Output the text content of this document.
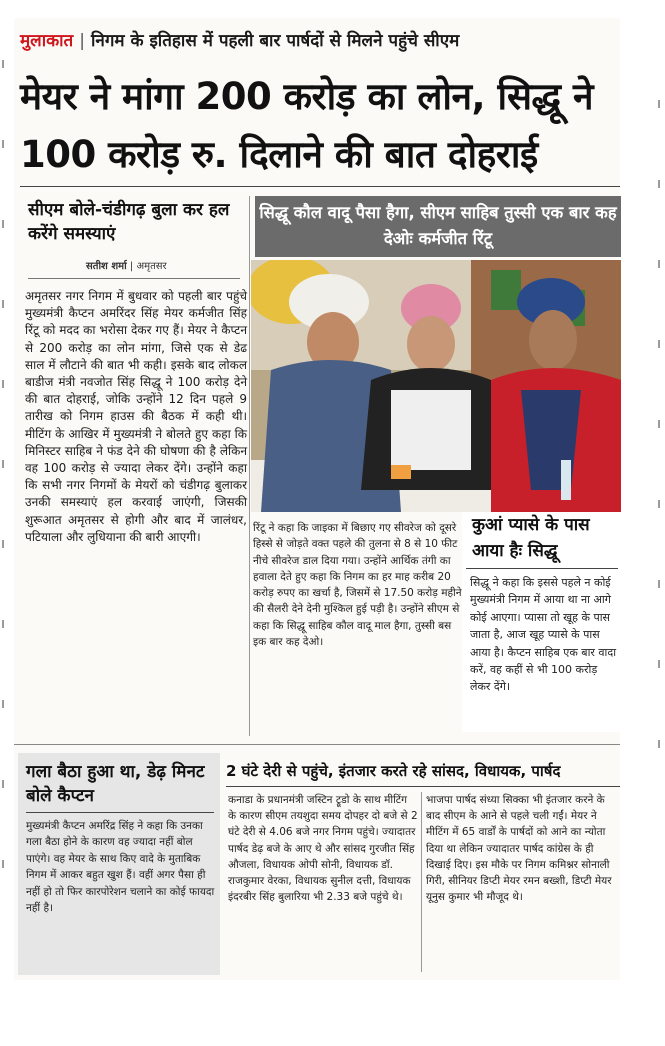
मुलाकात | निगम के इतिहास में पहली बार पार्षदों से मिलने पहुंचे सीएम
मेयर ने मांगा 200 करोड़ का लोन, सिद्धू ने 100 करोड़ रु. दिलाने की बात दोहराई
सीएम बोले-चंडीगढ़ बुला कर हल करेंगे समस्याएं
सतीश शर्मा | अमृतसर
अमृतसर नगर निगम में बुधवार को पहली बार पहुंचे मुख्यमंत्री कैप्टन अमरिंदर सिंह मेयर कर्मजीत सिंह रिंटू को मदद का भरोसा देकर गए हैं। मेयर ने कैप्टन से 200 करोड़ का लोन मांगा, जिसे एक से डेढ साल में लौटाने की बात भी कही। इसके बाद लोकल बाडीज मंत्री नवजोत सिंह सिद्धू ने 100 करोड़ देने की बात दोहराई, जोकि उन्होंने 12 दिन पहले 9 तारीख को निगम हाउस की बैठक में कही थी। मीटिंग के आखिर में मुख्यमंत्री ने बोलते हुए कहा कि मिनिस्टर साहिब ने फंड देने की घोषणा की है लेकिन वह 100 करोड़ से ज्यादा लेकर देंगे। उन्होंने कहा कि सभी नगर निगमों के मेयरों को चंडीगढ़ बुलाकर उनकी समस्याएं हल करवाई जाएंगी, जिसकी शुरूआत अमृतसर से होगी और बाद में जालंधर, पटियाला और लुधियाना की बारी आएगी।
सिद्धू कौल वादू पैसा हैगा, सीएम साहिब तुस्सी एक बार कह देओः कर्मजीत रिंटू
रिंटू ने कहा कि जाइका में बिछाए गए सीवरेज को दूसरे हिस्से से जोड़ते वक्त पहले की तुलना से 8 से 10 फीट नीचे सीवरेज डाल दिया गया। उन्होंने आर्थिक तंगी का हवाला देते हुए कहा कि निगम का हर माह करीब 20 करोड़ रुपए का खर्चा है, जिसमें से 17.50 करोड़ महीने की सैलरी देने देनी मुश्किल हुई पड़ी है। उन्होंने सीएम से कहा कि सिद्धू साहिब कौल वादू माल हैगा, तुस्सी बस इक बार कह देओ।
कुआं प्यासे के पास आया हैः सिद्धू
सिद्धू ने कहा कि इससे पहले न कोई मुख्यमंत्री निगम में आया था ना आगे कोई आएगा। प्यासा तो खूह के पास जाता है, आज खूह प्यासे के पास आया है। कैप्टन साहिब एक बार वादा करें, वह कहीं से भी 100 करोड़ लेकर देंगे।
गला बैठा हुआ था, डेढ़ मिनट बोले कैप्टन
मुख्यमंत्री कैप्टन अमरिंद्र सिंह ने कहा कि उनका गला बैठा होने के कारण वह ज्यादा नहीं बोल पाएंगे। वह मेयर के साथ किए वादे के मुताबिक निगम में आकर बहुत खुश हैं। वहीं अगर पैसा ही नहीं हो तो फिर कारपोरेशन चलाने का कोई फायदा नहीं है।
2 घंटे देरी से पहुंचे, इंतजार करते रहे सांसद, विधायक, पार्षद
कनाडा के प्रधानमंत्री जस्टिन ट्रूडो के साथ मीटिंग के कारण सीएम तयशुदा समय दोपहर दो बजे से 2 घंटे देरी से 4.06 बजे नगर निगम पहुंचे। ज्यादातर पार्षद डेढ़ बजे के आए थे और सांसद गुरजीत सिंह औजला, विधायक ओपी सोनी, विधायक डॉ. राजकुमार वेरका, विधायक सुनील दत्ती, विधायक इंदरबीर सिंह बुलारिया भी 2.33 बजे पहुंचे थे।
भाजपा पार्षद संध्या सिक्का भी इंतजार करने के बाद सीएम के आने से पहले चली गईं। मेयर ने मीटिंग में 65 वार्डों के पार्षदों को आने का न्योता दिया था लेकिन ज्यादातर पार्षद कांग्रेस के ही दिखाई दिए। इस मौके पर निगम कमिश्नर सोनाली गिरी, सीनियर डिप्टी मेयर रमन बख्शी, डिप्टी मेयर यूनुस कुमार भी मौजूद थे।
